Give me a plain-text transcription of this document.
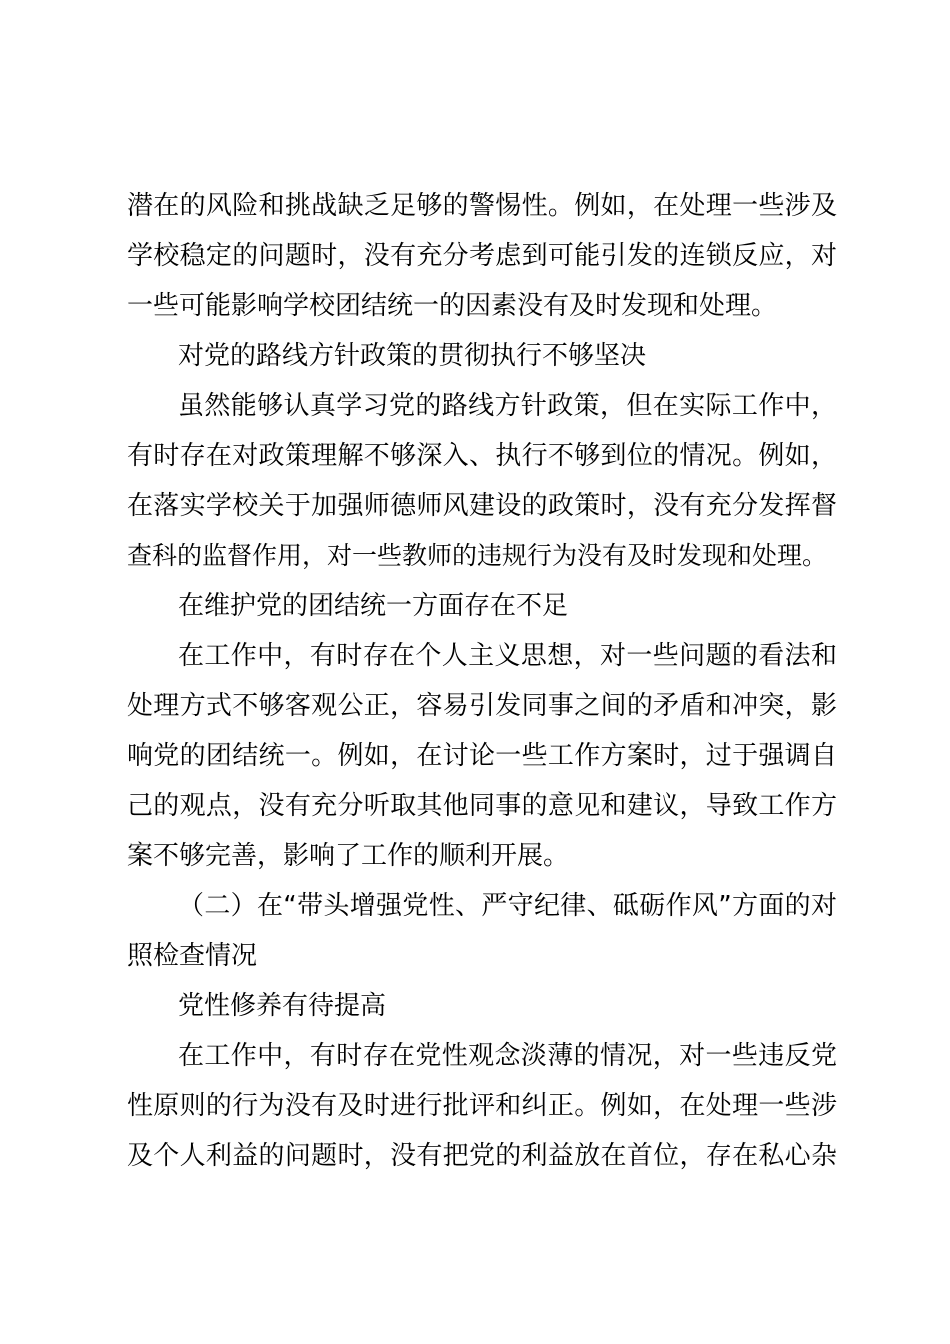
潜在的风险和挑战缺乏足够的警惕性。例如，在处理一些涉及
学校稳定的问题时，没有充分考虑到可能引发的连锁反应，对
一些可能影响学校团结统一的因素没有及时发现和处理。
对党的路线方针政策的贯彻执行不够坚决
虽然能够认真学习党的路线方针政策，但在实际工作中，
有时存在对政策理解不够深入、执行不够到位的情况。例如，
在落实学校关于加强师德师风建设的政策时，没有充分发挥督
查科的监督作用，对一些教师的违规行为没有及时发现和处理。
在维护党的团结统一方面存在不足
在工作中，有时存在个人主义思想，对一些问题的看法和
处理方式不够客观公正，容易引发同事之间的矛盾和冲突，影
响党的团结统一。例如，在讨论一些工作方案时，过于强调自
己的观点，没有充分听取其他同事的意见和建议，导致工作方
案不够完善，影响了工作的顺利开展。
（二）在“带头增强党性、严守纪律、砥砺作风”方面的对
照检查情况
党性修养有待提高
在工作中，有时存在党性观念淡薄的情况，对一些违反党
性原则的行为没有及时进行批评和纠正。例如，在处理一些涉
及个人利益的问题时，没有把党的利益放在首位，存在私心杂
